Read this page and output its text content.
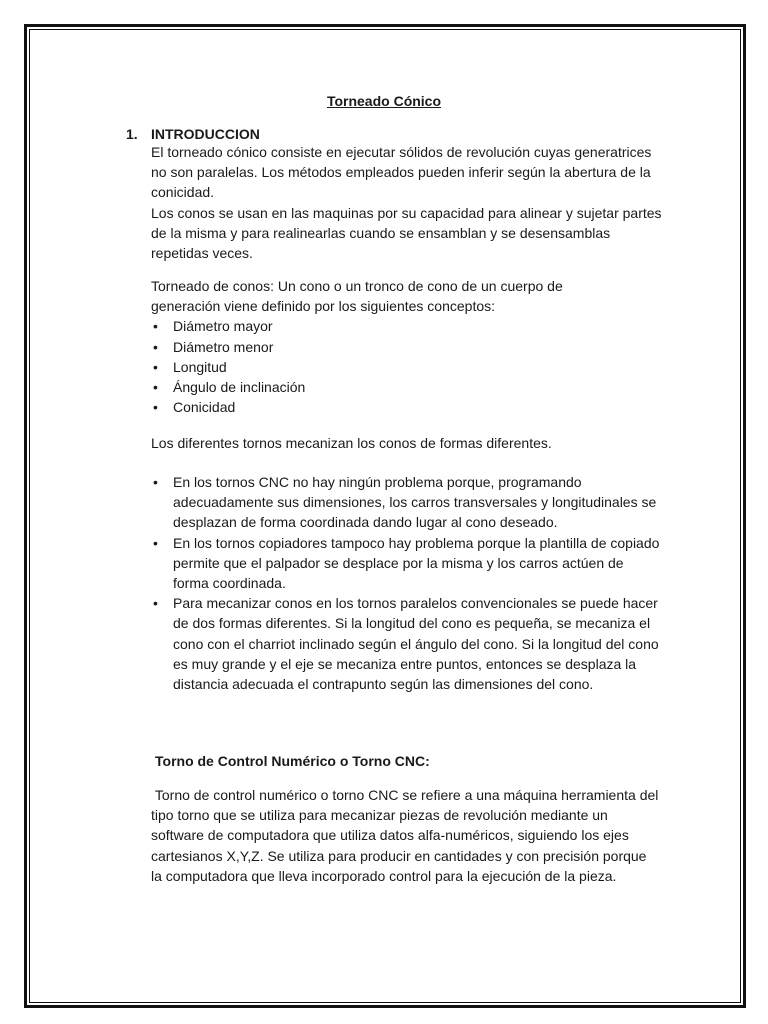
Torneado Cónico
1. INTRODUCCION

El torneado cónico consiste en ejecutar sólidos de revolución cuyas generatrices no son paralelas. Los métodos empleados pueden inferir según la abertura de la conicidad.

Los conos se usan en las maquinas por su capacidad para alinear y sujetar partes de la misma y para realinearlas cuando se ensamblan y se desensamblas repetidas veces.

Torneado de conos: Un cono o un tronco de cono de un cuerpo de generación viene definido por los siguientes conceptos:

• Diámetro mayor
• Diámetro menor
• Longitud
• Ángulo de inclinación
• Conicidad

Los diferentes tornos mecanizan los conos de formas diferentes.

• En los tornos CNC no hay ningún problema porque, programando adecuadamente sus dimensiones, los carros transversales y longitudinales se desplazan de forma coordinada dando lugar al cono deseado.
• En los tornos copiadores tampoco hay problema porque la plantilla de copiado permite que el palpador se desplace por la misma y los carros actúen de forma coordinada.
• Para mecanizar conos en los tornos paralelos convencionales se puede hacer de dos formas diferentes. Si la longitud del cono es pequeña, se mecaniza el cono con el charriot inclinado según el ángulo del cono. Si la longitud del cono es muy grande y el eje se mecaniza entre puntos, entonces se desplaza la distancia adecuada el contrapunto según las dimensiones del cono.
Torno de Control Numérico o Torno CNC:

Torno de control numérico o torno CNC se refiere a una máquina herramienta del tipo torno que se utiliza para mecanizar piezas de revolución mediante un software de computadora que utiliza datos alfa-numéricos, siguiendo los ejes cartesianos X,Y,Z. Se utiliza para producir en cantidades y con precisión porque la computadora que lleva incorporado control para la ejecución de la pieza.
